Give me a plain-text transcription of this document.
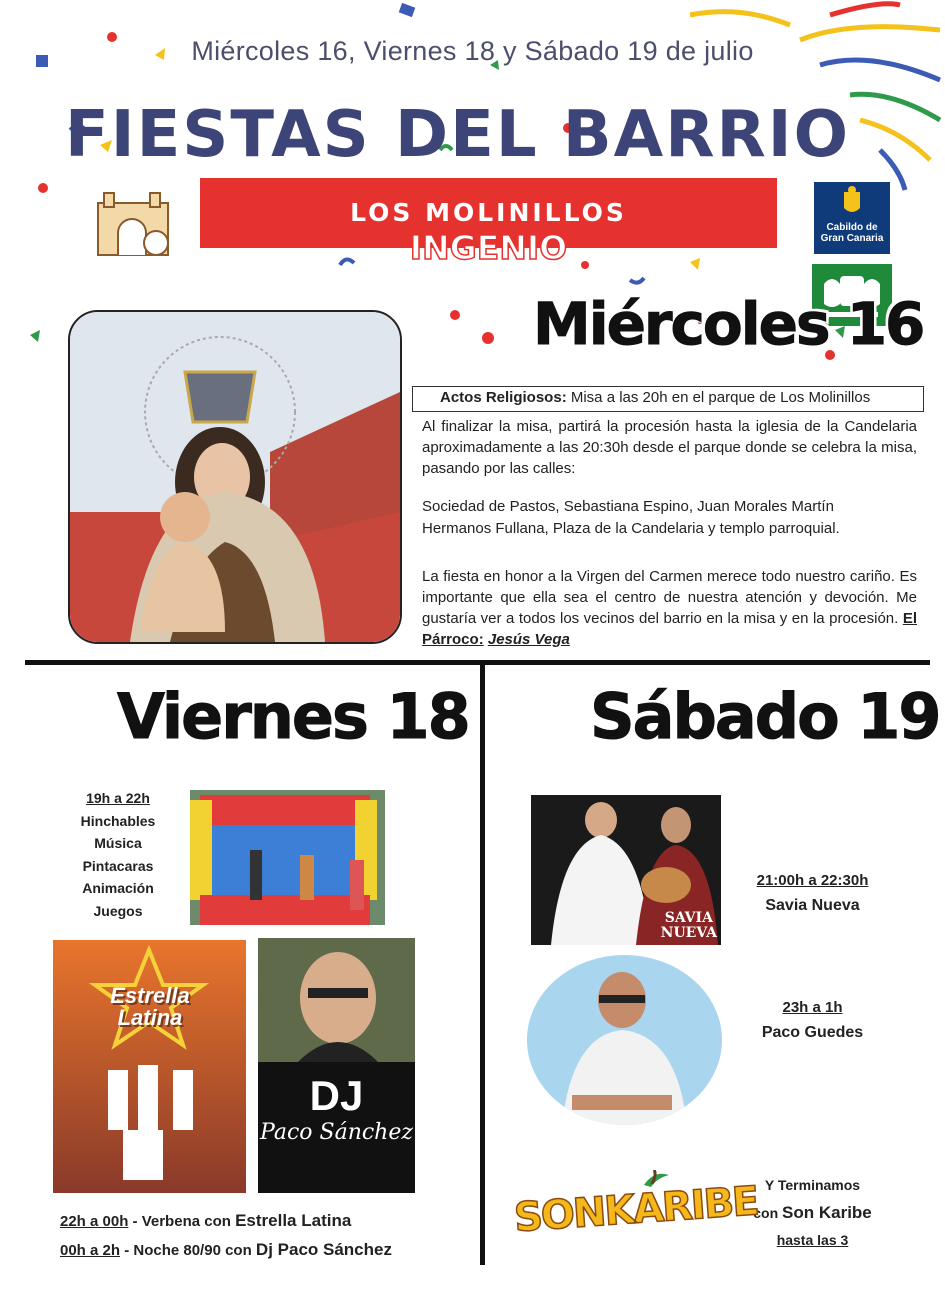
Miércoles 16, Viernes 18 y Sábado 19 de julio
FIESTAS DEL BARRIO
LOS MOLINILLOS
INGENIO
Cabildo de Gran Canaria
Miércoles 16
Actos Religiosos: Misa a las 20h en el parque de Los Molinillos
Al finalizar la misa, partirá la procesión hasta la iglesia de la Candelaria aproximadamente a las 20:30h desde el parque donde se celebra la misa, pasando por las calles:
Sociedad de Pastos, Sebastiana Espino, Juan Morales Martín
Hermanos Fullana, Plaza de la Candelaria y templo parroquial.
La fiesta en honor a la Virgen del Carmen merece todo nuestro cariño. Es importante que ella sea el centro de nuestra atención y devoción. Me gustaría ver a todos los vecinos del barrio en la misa y en la procesión. El Párroco: Jesús Vega
Viernes 18
19h a 22h
Hinchables
Música
Pintacaras
Animación
Juegos
Estrella
Latina
DJ
Paco Sánchez
22h a 00h - Verbena con Estrella Latina
00h a 2h - Noche 80/90 con Dj Paco Sánchez
Sábado 19
SAVIA
NUEVA
21:00h a 22:30h
Savia Nueva
23h a 1h
Paco Guedes
Y Terminamos
con Son Karibe
hasta las 3
SONKARIBE
